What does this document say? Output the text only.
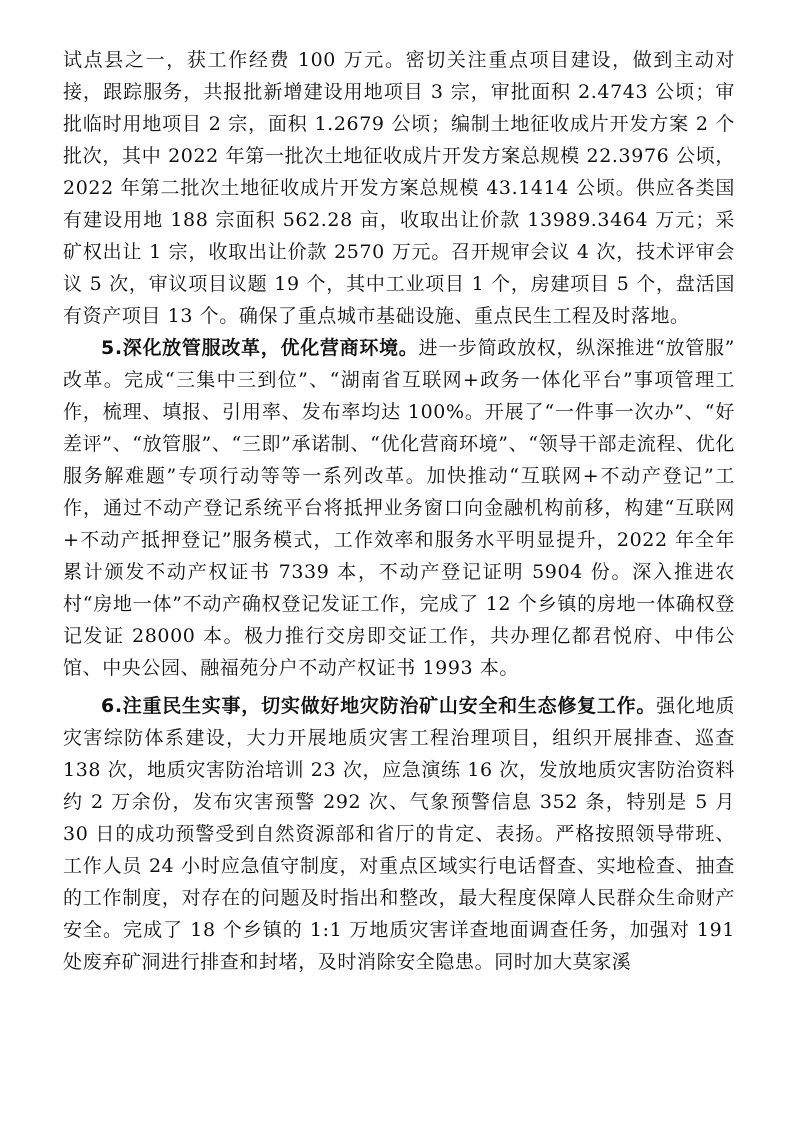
试点县之一，获工作经费 100 万元。密切关注重点项目建设，做到主动对接，跟踪服务，共报批新增建设用地项目 3 宗，审批面积 2.4743 公顷；审批临时用地项目 2 宗，面积 1.2679 公顷；编制土地征收成片开发方案 2 个批次，其中 2022 年第一批次土地征收成片开发方案总规模 22.3976 公顷，2022 年第二批次土地征收成片开发方案总规模 43.1414 公顷。供应各类国有建设用地 188 宗面积 562.28 亩，收取出让价款 13989.3464 万元；采矿权出让 1 宗，收取出让价款 2570 万元。召开规审会议 4 次，技术评审会议 5 次，审议项目议题 19 个，其中工业项目 1 个，房建项目 5 个，盘活国有资产项目 13 个。确保了重点城市基础设施、重点民生工程及时落地。

5.深化放管服改革，优化营商环境。进一步简政放权，纵深推进“放管服” 改革。完成“三集中三到位”、“湖南省互联网+政务一体化平台”事项管理工作，梳理、填报、引用率、发布率均达 100%。开展了“一件事一次办”、“好差评”、“放管服”、“三即”承诺制、“优化营商环境”、“领导干部走流程、优化服务解难题”专项行动等等一系列改革。加快推动“互联网+不动产登记”工作，通过不动产登记系统平台将抵押业务窗口向金融机构前移，构建“互联网+不动产抵押登记”服务模式，工作效率和服务水平明显提升，2022 年全年累计颁发不动产权证书 7339 本，不动产登记证明 5904 份。深入推进农村“房地一体”不动产确权登记发证工作，完成了 12 个乡镇的房地一体确权登记发证 28000 本。极力推行交房即交证工作，共办理亿都君悦府、中伟公馆、中央公园、融福苑分户不动产权证书 1993 本。

6.注重民生实事，切实做好地灾防治矿山安全和生态修复工作。强化地质灾害综防体系建设，大力开展地质灾害工程治理项目，组织开展排查、巡查 138 次，地质灾害防治培训 23 次，应急演练 16 次，发放地质灾害防治资料约 2 万余份，发布灾害预警 292 次、气象预警信息 352 条，特别是 5 月 30 日的成功预警受到自然资源部和省厅的肯定、表扬。严格按照领导带班、工作人员 24 小时应急值守制度，对重点区域实行电话督查、实地检查、抽查的工作制度，对存在的问题及时指出和整改，最大程度保障人民群众生命财产安全。完成了 18 个乡镇的 1:1 万地质灾害详查地面调查任务，加强对 191 处废弃矿洞进行排查和封堵，及时消除安全隐患。同时加大莫家溪
